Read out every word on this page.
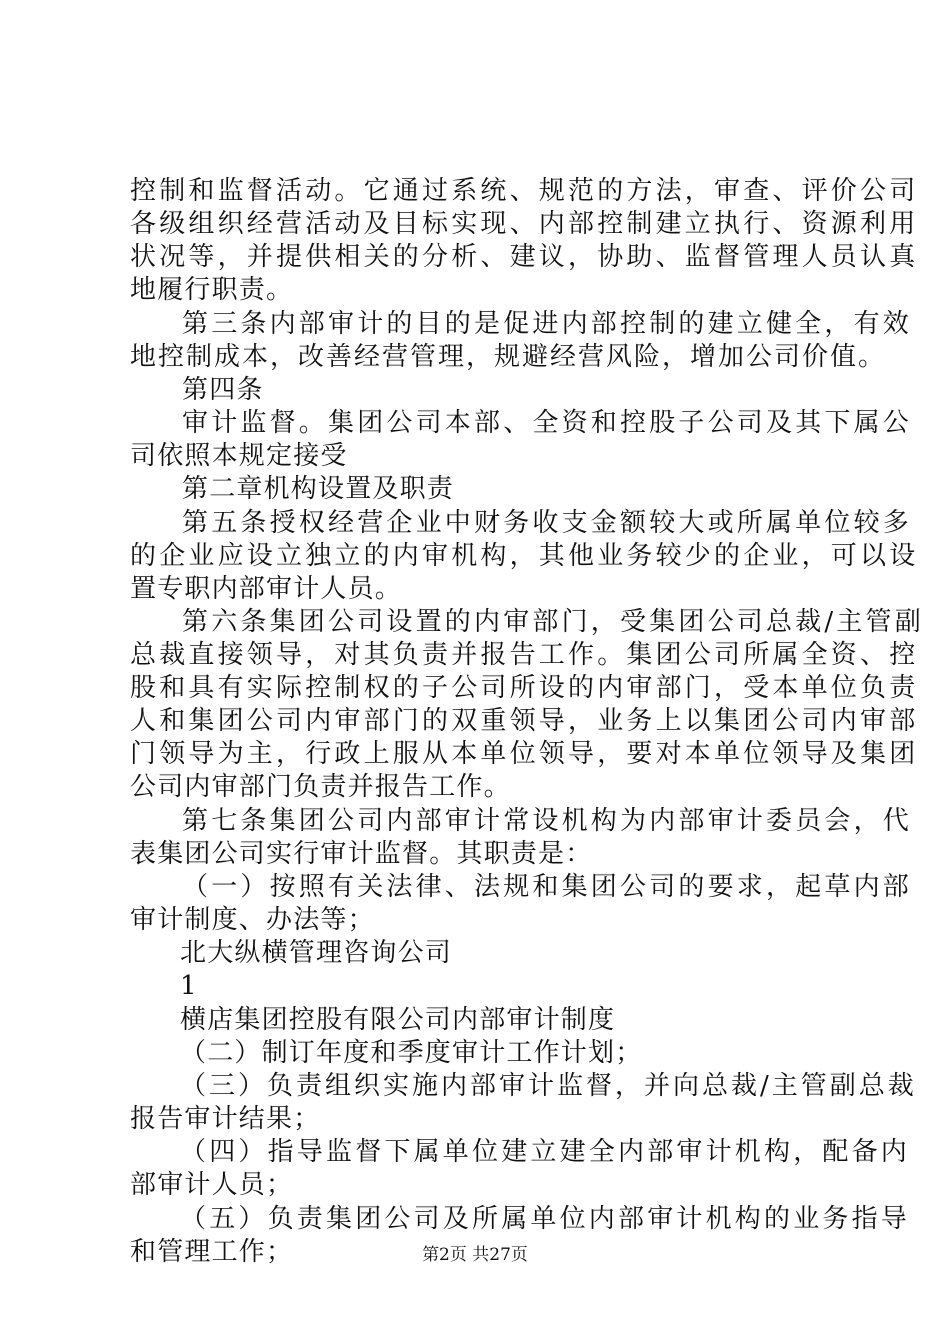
控制和监督活动。它通过系统、规范的方法，审查、评价公司
各级组织经营活动及目标实现、内部控制建立执行、资源利用
状况等，并提供相关的分析、建议，协助、监督管理人员认真
地履行职责。
第三条内部审计的目的是促进内部控制的建立健全，有效
地控制成本，改善经营管理，规避经营风险，增加公司价值。
第四条
审计监督。集团公司本部、全资和控股子公司及其下属公
司依照本规定接受
第二章机构设置及职责
第五条授权经营企业中财务收支金额较大或所属单位较多
的企业应设立独立的内审机构，其他业务较少的企业，可以设
置专职内部审计人员。
第六条集团公司设置的内审部门，受集团公司总裁/主管副
总裁直接领导，对其负责并报告工作。集团公司所属全资、控
股和具有实际控制权的子公司所设的内审部门，受本单位负责
人和集团公司内审部门的双重领导，业务上以集团公司内审部
门领导为主，行政上服从本单位领导，要对本单位领导及集团
公司内审部门负责并报告工作。
第七条集团公司内部审计常设机构为内部审计委员会，代
表集团公司实行审计监督。其职责是：
（一）按照有关法律、法规和集团公司的要求，起草内部
审计制度、办法等；
北大纵横管理咨询公司
1
横店集团控股有限公司内部审计制度
（二）制订年度和季度审计工作计划；
（三）负责组织实施内部审计监督，并向总裁/主管副总裁
报告审计结果；
（四）指导监督下属单位建立建全内部审计机构，配备内
部审计人员；
（五）负责集团公司及所属单位内部审计机构的业务指导
和管理工作；	第2页 共27页
